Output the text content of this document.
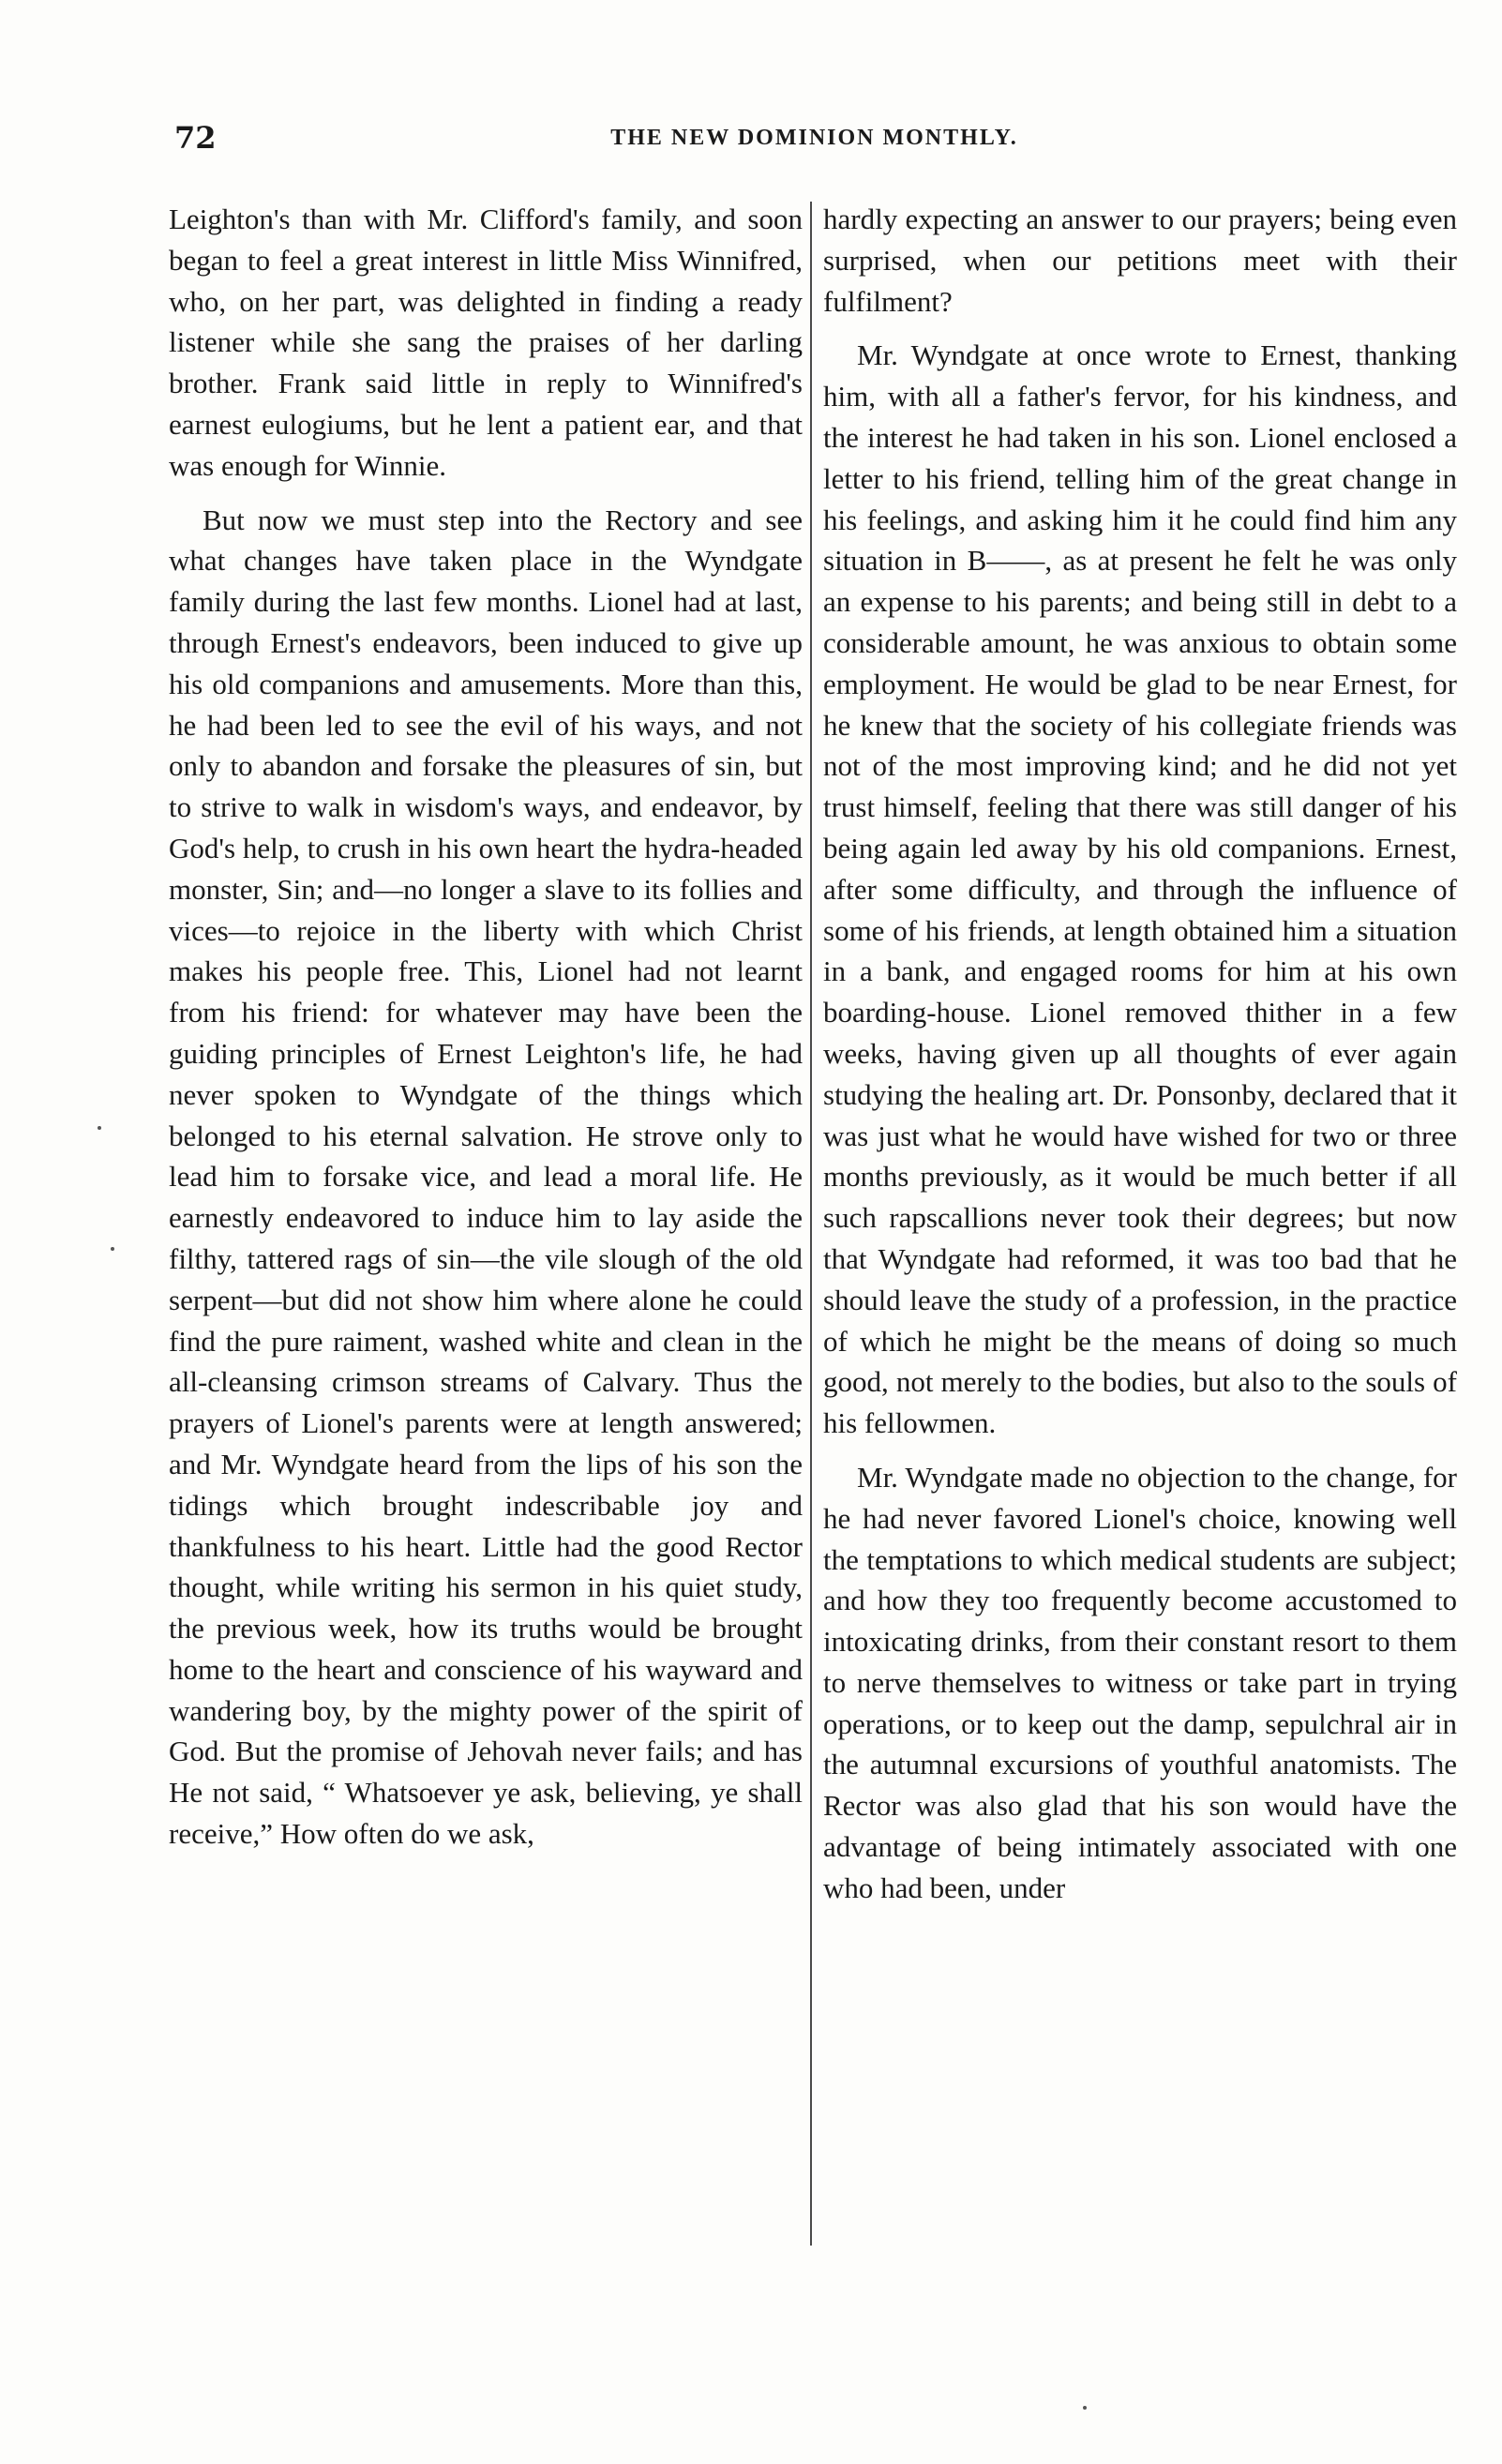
72	THE NEW DOMINION MONTHLY.

Leighton's than with Mr. Clifford's family, and soon began to feel a great interest in little Miss Winnifred, who, on her part, was delighted in finding a ready listener while she sang the praises of her darling brother. Frank said little in reply to Winnifred's earnest eulogiums, but he lent a patient ear, and that was enough for Winnie.

But now we must step into the Rectory and see what changes have taken place in the Wyndgate family during the last few months. Lionel had at last, through Ernest's endeavors, been induced to give up his old companions and amusements. More than this, he had been led to see the evil of his ways, and not only to abandon and forsake the pleasures of sin, but to strive to walk in wisdom's ways, and endeavor, by God's help, to crush in his own heart the hydra-headed monster, Sin; and—no longer a slave to its follies and vices—to rejoice in the liberty with which Christ makes his people free. This, Lionel had not learnt from his friend: for whatever may have been the guiding principles of Ernest Leighton's life, he had never spoken to Wyndgate of the things which belonged to his eternal salvation. He strove only to lead him to forsake vice, and lead a moral life. He earnestly endeavored to induce him to lay aside the filthy, tattered rags of sin—the vile slough of the old serpent—but did not show him where alone he could find the pure raiment, washed white and clean in the all-cleansing crimson streams of Calvary. Thus the prayers of Lionel's parents were at length answered; and Mr. Wyndgate heard from the lips of his son the tidings which brought indescribable joy and thankfulness to his heart. Little had the good Rector thought, while writing his sermon in his quiet study, the previous week, how its truths would be brought home to the heart and conscience of his wayward and wandering boy, by the mighty power of the spirit of God. But the promise of Jehovah never fails; and has He not said, “ Whatsoever ye ask, believing, ye shall receive,” How often do we ask,

hardly expecting an answer to our prayers; being even surprised, when our petitions meet with their fulfilment?

Mr. Wyndgate at once wrote to Ernest, thanking him, with all a father's fervor, for his kindness, and the interest he had taken in his son. Lionel enclosed a letter to his friend, telling him of the great change in his feelings, and asking him it he could find him any situation in B——, as at present he felt he was only an expense to his parents; and being still in debt to a considerable amount, he was anxious to obtain some employment. He would be glad to be near Ernest, for he knew that the society of his collegiate friends was not of the most improving kind; and he did not yet trust himself, feeling that there was still danger of his being again led away by his old companions. Ernest, after some difficulty, and through the influence of some of his friends, at length obtained him a situation in a bank, and engaged rooms for him at his own boarding-house. Lionel removed thither in a few weeks, having given up all thoughts of ever again studying the healing art. Dr. Ponsonby, declared that it was just what he would have wished for two or three months previously, as it would be much better if all such rapscallions never took their degrees; but now that Wyndgate had reformed, it was too bad that he should leave the study of a profession, in the practice of which he might be the means of doing so much good, not merely to the bodies, but also to the souls of his fellowmen.

Mr. Wyndgate made no objection to the change, for he had never favored Lionel's choice, knowing well the temptations to which medical students are subject; and how they too frequently become accustomed to intoxicating drinks, from their constant resort to them to nerve themselves to witness or take part in trying operations, or to keep out the damp, sepulchral air in the autumnal excursions of youthful anatomists. The Rector was also glad that his son would have the advantage of being intimately associated with one who had been, under
